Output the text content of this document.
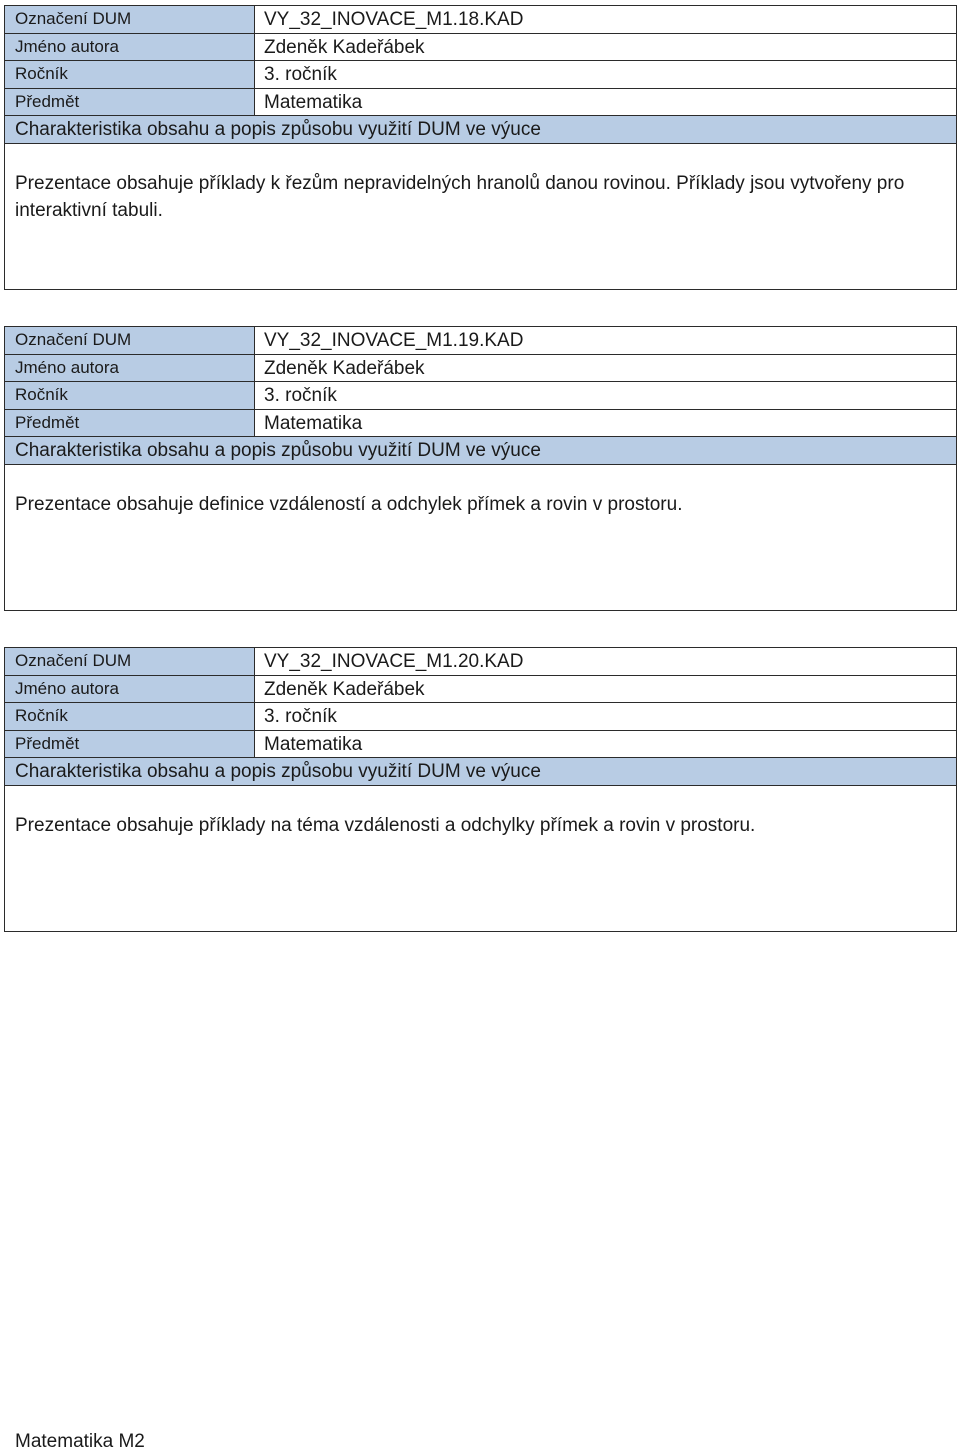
Označení DUM	VY_32_INOVACE_M1.18.KAD
Jméno autora	Zdeněk Kadeřábek
Ročník	3. ročník
Předmět	Matematika
Charakteristika obsahu a popis způsobu využití DUM ve výuce
Prezentace obsahuje příklady k řezům nepravidelných hranolů danou rovinou. Příklady jsou vytvořeny pro interaktivní tabuli.
Označení DUM	VY_32_INOVACE_M1.19.KAD
Jméno autora	Zdeněk Kadeřábek
Ročník	3. ročník
Předmět	Matematika
Charakteristika obsahu a popis způsobu využití DUM ve výuce
Prezentace obsahuje definice vzdáleností a odchylek přímek a rovin v prostoru.
Označení DUM	VY_32_INOVACE_M1.20.KAD
Jméno autora	Zdeněk Kadeřábek
Ročník	3. ročník
Předmět	Matematika
Charakteristika obsahu a popis způsobu využití DUM ve výuce
Prezentace obsahuje příklady na téma vzdálenosti a odchylky přímek a rovin v prostoru.
Matematika M2
